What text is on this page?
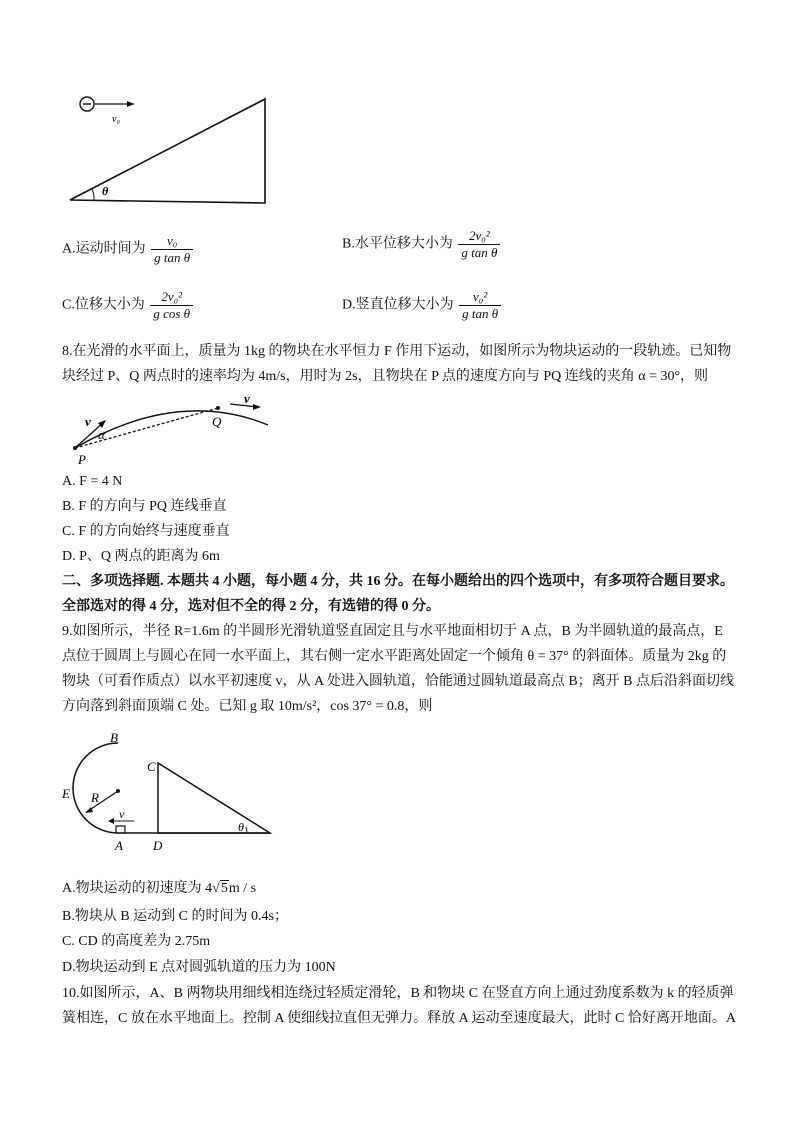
v₀
θ
A.运动时间为 $\frac{\text{v₀}}{\text{g tan θ}}$	B.水平位移大小为 $\frac{\text{2v₀²}}{\text{g tan θ}}$
C.位移大小为 $\frac{\text{2v₀²}}{\text{g cos θ}}$	D.竖直位移大小为 $\frac{\text{v₀²}}{\text{g tan θ}}$
8.在光滑的水平面上，质量为 1kg 的物块在水平恒力 F 作用下运动，如图所示为物块运动的一段轨迹。已知物
块经过 P、Q 两点时的速率均为 4m/s，用时为 2s，且物块在 P 点的速度方向与 PQ 连线的夹角 α = 30°，则
v
α
P
Q
v
A. F = 4 N
B. F 的方向与 PQ 连线垂直
C. F 的方向始终与速度垂直
D. P、Q 两点的距离为 6m
二、多项选择题. 本题共 4 小题，每小题 4 分，共 16 分。在每小题给出的四个选项中，有多项符合题目要求。
全部选对的得 4 分，选对但不全的得 2 分，有选错的得 0 分。
9.如图所示，半径 R=1.6m 的半圆形光滑轨道竖直固定且与水平地面相切于 A 点，B 为半圆轨道的最高点，E
点位于圆周上与圆心在同一水平面上，其右侧一定水平距离处固定一个倾角 θ = 37° 的斜面体。质量为 2kg 的
物块（可看作质点）以水平初速度 v，从 A 处进入圆轨道，恰能通过圆轨道最高点 B；离开 B 点后沿斜面切线
方向落到斜面顶端 C 处。已知 g 取 10m/s²，cos 37° = 0.8，则
B
C
E R
v
A D
θ
A.物块运动的初速度为 4√5m / s
B.物块从 B 运动到 C 的时间为 0.4s；
C. CD 的高度差为 2.75m
D.物块运动到 E 点对圆弧轨道的压力为 100N
10.如图所示，A、B 两物块用细线相连绕过轻质定滑轮，B 和物块 C 在竖直方向上通过劲度系数为 k 的轻质弹
簧相连，C 放在水平地面上。控制 A 使细线拉直但无弹力。释放 A 运动至速度最大，此时 C 恰好离开地面。A
